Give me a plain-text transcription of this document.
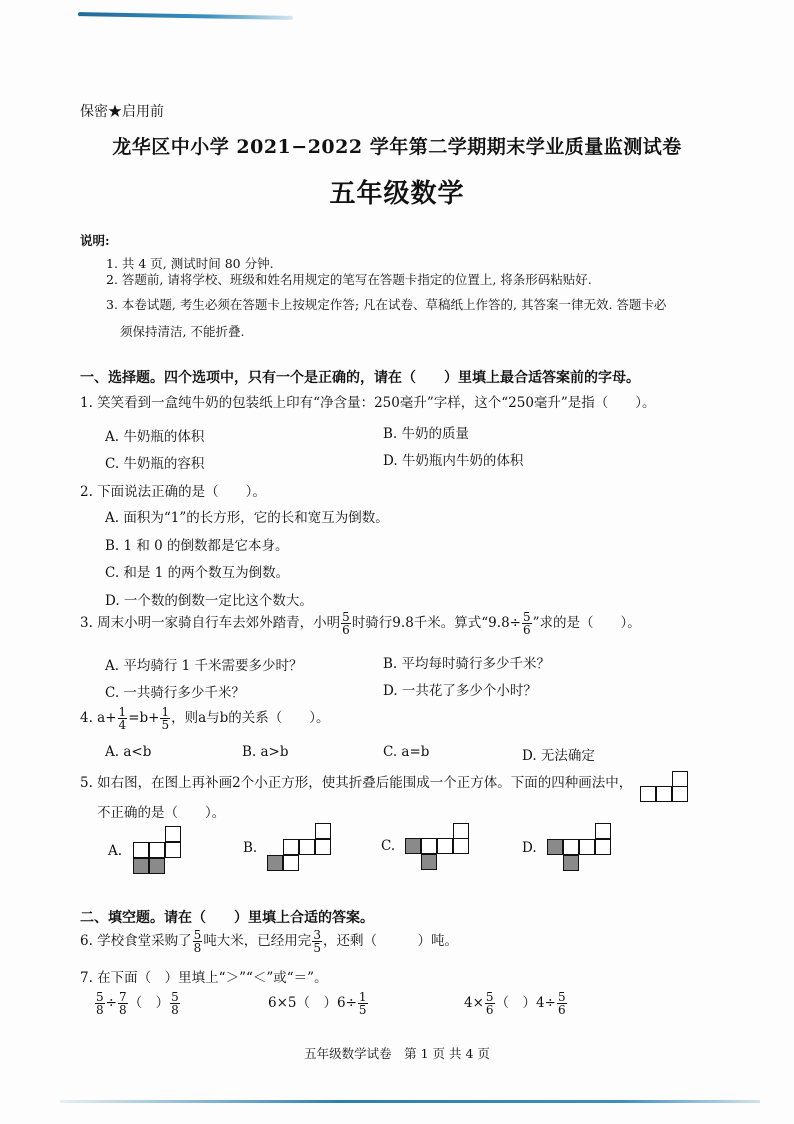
保密★启用前
龙华区中小学 2021−2022 学年第二学期期末学业质量监测试卷
五年级数学
说明:
1. 共 4 页, 测试时间 80 分钟.
2. 答题前, 请将学校、班级和姓名用规定的笔写在答题卡指定的位置上, 将条形码粘贴好.
3. 本卷试题, 考生必须在答题卡上按规定作答; 凡在试卷、草稿纸上作答的, 其答案一律无效. 答题卡必
须保持清洁, 不能折叠.
一、选择题。四个选项中，只有一个是正确的，请在（　　）里填上最合适答案前的字母。
1. 笑笑看到一盒纯牛奶的包装纸上印有“净含量：250毫升”字样，这个“250毫升”是指（　　）。
A. 牛奶瓶的体积	B. 牛奶的质量
C. 牛奶瓶的容积	D. 牛奶瓶内牛奶的体积
2. 下面说法正确的是（　　）。
A. 面积为“1”的长方形，它的长和宽互为倒数。
B. 1 和 0 的倒数都是它本身。
C. 和是 1 的两个数互为倒数。
D. 一个数的倒数一定比这个数大。
3. 周末小明一家骑自行车去郊外踏青，小明 $\frac{5}{6}$ 时骑行9.8千米。算式“$9.8\div \frac{5}{6}$ ”求的是（　　）。
A. 平均骑行 1 千米需要多少时？	B. 平均每时骑行多少千米？
C. 一共骑行多少千米？	D. 一共花了多少个小时？
4. $a+ \frac{1}{4} =b+ \frac{1}{5}$ ，则a与b的关系（　　）。
A. a<b	B. a>b	C. a=b	D. 无法确定
5. 如右图，在图上再补画2个小正方形，使其折叠后能围成一个正方体。下面的四种画法中，
不正确的是（　　）。
A.	B.	C.	D.
二、填空题。请在（　　）里填上合适的答案。
6. 学校食堂采购了 $\frac{5}{8}$ 吨大米，已经用完 $\frac{3}{5}$ ，还剩（　　　）吨。
7. 在下面（　）里填上“＞”“＜”或“＝”。
$\frac{5}{8} \div \frac{7}{8}$ （　） $\frac{5}{8}$	6×5（　）$6\div \frac{1}{5}$	$4\times \frac{5}{6}$ （　）$4\div \frac{5}{6}$
五年级数学试卷　第 1 页 共 4 页
